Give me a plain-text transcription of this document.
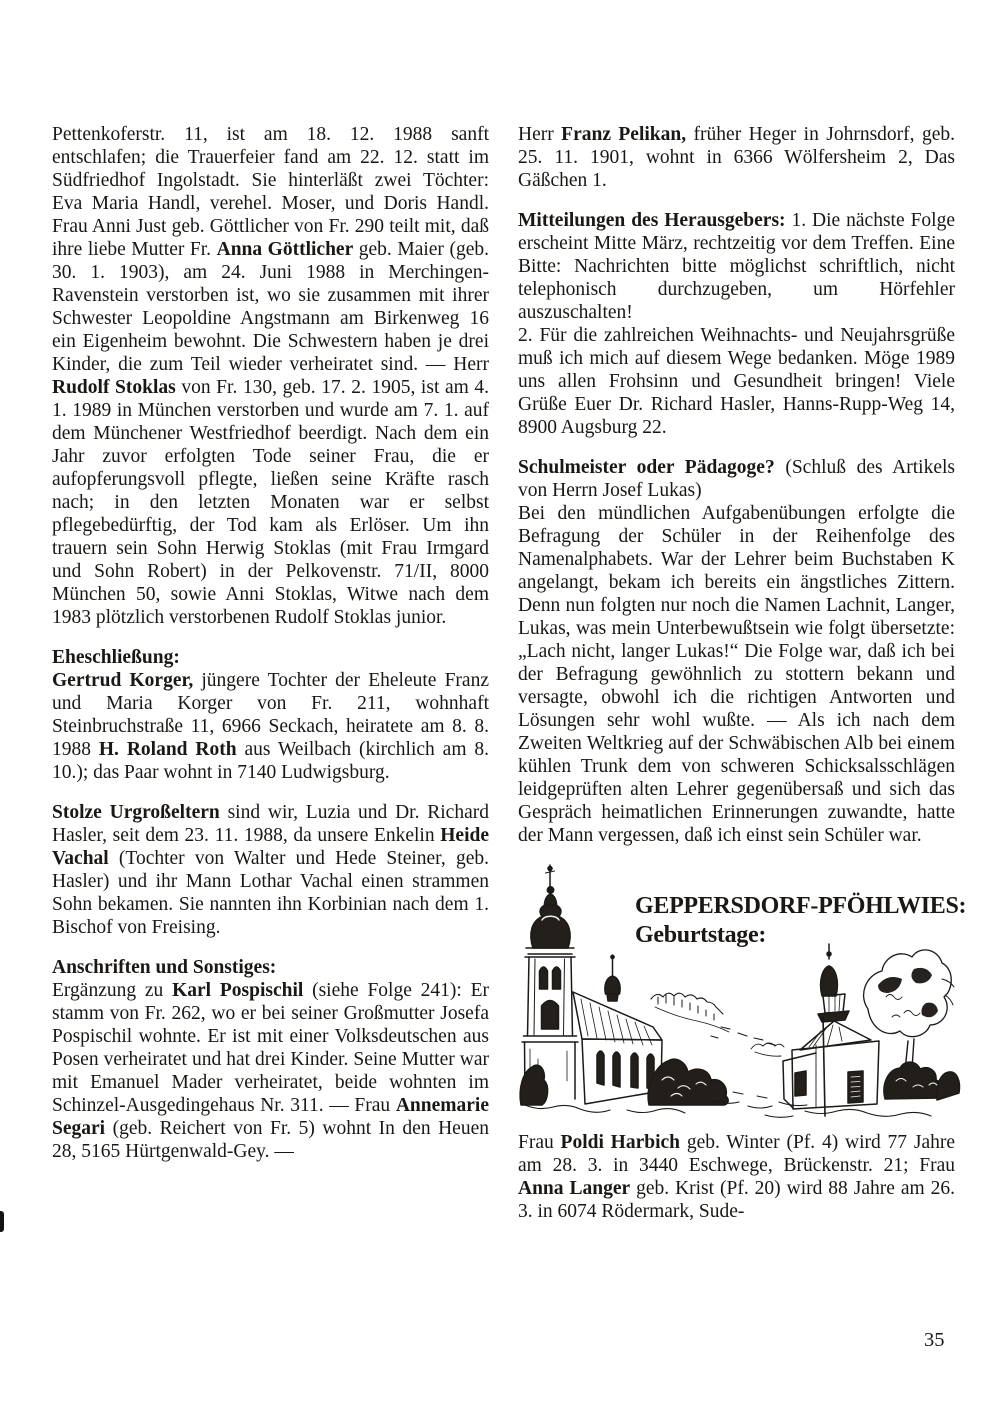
Pettenkoferstr. 11, ist am 18. 12. 1988 sanft entschlafen; die Trauerfeier fand am 22. 12. statt im Südfriedhof Ingolstadt. Sie hinterläßt zwei Töchter: Eva Maria Handl, verehel. Moser, und Doris Handl. Frau Anni Just geb. Göttlicher von Fr. 290 teilt mit, daß ihre liebe Mutter Fr. Anna Göttlicher geb. Maier (geb. 30. 1. 1903), am 24. Juni 1988 in Merchingen-Ravenstein verstorben ist, wo sie zusammen mit ihrer Schwester Leopoldine Angstmann am Birkenweg 16 ein Eigenheim bewohnt. Die Schwestern haben je drei Kinder, die zum Teil wieder verheiratet sind. — Herr Rudolf Stoklas von Fr. 130, geb. 17. 2. 1905, ist am 4. 1. 1989 in München verstorben und wurde am 7. 1. auf dem Münchener Westfriedhof beerdigt. Nach dem ein Jahr zuvor erfolgten Tode seiner Frau, die er aufopferungsvoll pflegte, ließen seine Kräfte rasch nach; in den letzten Monaten war er selbst pflegebedürftig, der Tod kam als Erlöser. Um ihn trauern sein Sohn Herwig Stoklas (mit Frau Irmgard und Sohn Robert) in der Pelkovenstr. 71/II, 8000 München 50, sowie Anni Stoklas, Witwe nach dem 1983 plötzlich verstorbenen Rudolf Stoklas junior.

Eheschließung:

Gertrud Korger, jüngere Tochter der Eheleute Franz und Maria Korger von Fr. 211, wohnhaft Steinbruchstraße 11, 6966 Seckach, heiratete am 8. 8. 1988 H. Roland Roth aus Weilbach (kirchlich am 8. 10.); das Paar wohnt in 7140 Ludwigsburg.

Stolze Urgroßeltern sind wir, Luzia und Dr. Richard Hasler, seit dem 23. 11. 1988, da unsere Enkelin Heide Vachal (Tochter von Walter und Hede Steiner, geb. Hasler) und ihr Mann Lothar Vachal einen strammen Sohn bekamen. Sie nannten ihn Korbinian nach dem 1. Bischof von Freising.

Anschriften und Sonstiges:

Ergänzung zu Karl Pospischil (siehe Folge 241): Er stamm von Fr. 262, wo er bei seiner Großmutter Josefa Pospischil wohnte. Er ist mit einer Volksdeutschen aus Posen verheiratet und hat drei Kinder. Seine Mutter war mit Emanuel Mader verheiratet, beide wohnten im Schinzel-Ausgedingehaus Nr. 311. — Frau Annemarie Segari (geb. Reichert von Fr. 5) wohnt In den Heuen 28, 5165 Hürtgenwald-Gey. —

Herr Franz Pelikan, früher Heger in Johrnsdorf, geb. 25. 11. 1901, wohnt in 6366 Wölfersheim 2, Das Gäßchen 1.

Mitteilungen des Herausgebers: 1. Die nächste Folge erscheint Mitte März, rechtzeitig vor dem Treffen. Eine Bitte: Nachrichten bitte möglichst schriftlich, nicht telephonisch durchzugeben, um Hörfehler auszuschalten!
2. Für die zahlreichen Weihnachts- und Neujahrsgrüße muß ich mich auf diesem Wege bedanken. Möge 1989 uns allen Frohsinn und Gesundheit bringen! Viele Grüße Euer Dr. Richard Hasler, Hanns-Rupp-Weg 14, 8900 Augsburg 22.

Schulmeister oder Pädagoge? (Schluß des Artikels von Herrn Josef Lukas)
Bei den mündlichen Aufgabenübungen erfolgte die Befragung der Schüler in der Reihenfolge des Namenalphabets. War der Lehrer beim Buchstaben K angelangt, bekam ich bereits ein ängstliches Zittern. Denn nun folgten nur noch die Namen Lachnit, Langer, Lukas, was mein Unterbewußtsein wie folgt übersetzte: „Lach nicht, langer Lukas!“ Die Folge war, daß ich bei der Befragung gewöhnlich zu stottern bekann und versagte, obwohl ich die richtigen Antworten und Lösungen sehr wohl wußte. — Als ich nach dem Zweiten Weltkrieg auf der Schwäbischen Alb bei einem kühlen Trunk dem von schweren Schicksalsschlägen leidgeprüften alten Lehrer gegenübersaß und sich das Gespräch heimatlichen Erinnerungen zuwandte, hatte der Mann vergessen, daß ich einst sein Schüler war.

GEPPERSDORF-PFÖHLWIES:
Geburtstage:

Frau Poldi Harbich geb. Winter (Pf. 4) wird 77 Jahre am 28. 3. in 3440 Eschwege, Brückenstr. 21; Frau Anna Langer geb. Krist (Pf. 20) wird 88 Jahre am 26. 3. in 6074 Rödermark, Sude-

35
